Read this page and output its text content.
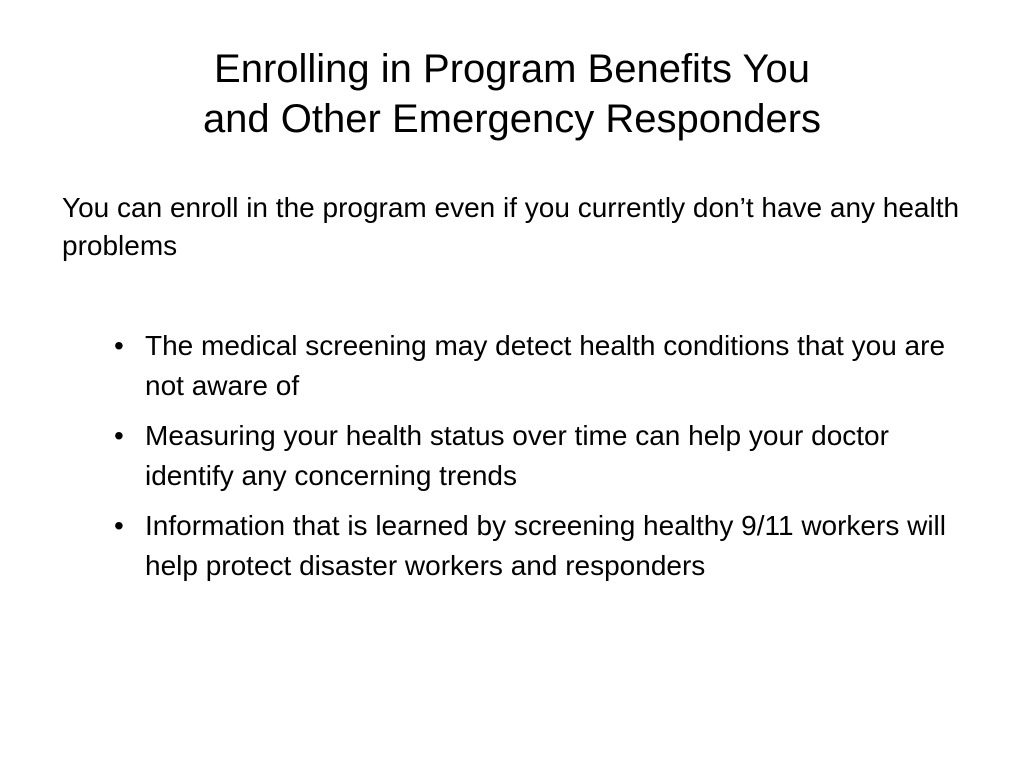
Enrolling in Program Benefits You
and Other Emergency Responders

You can enroll in the program even if you currently don’t have any health problems

• The medical screening may detect health conditions that you are not aware of
• Measuring your health status over time can help your doctor identify any concerning trends
• Information that is learned by screening healthy 9/11 workers will help protect disaster workers and responders
